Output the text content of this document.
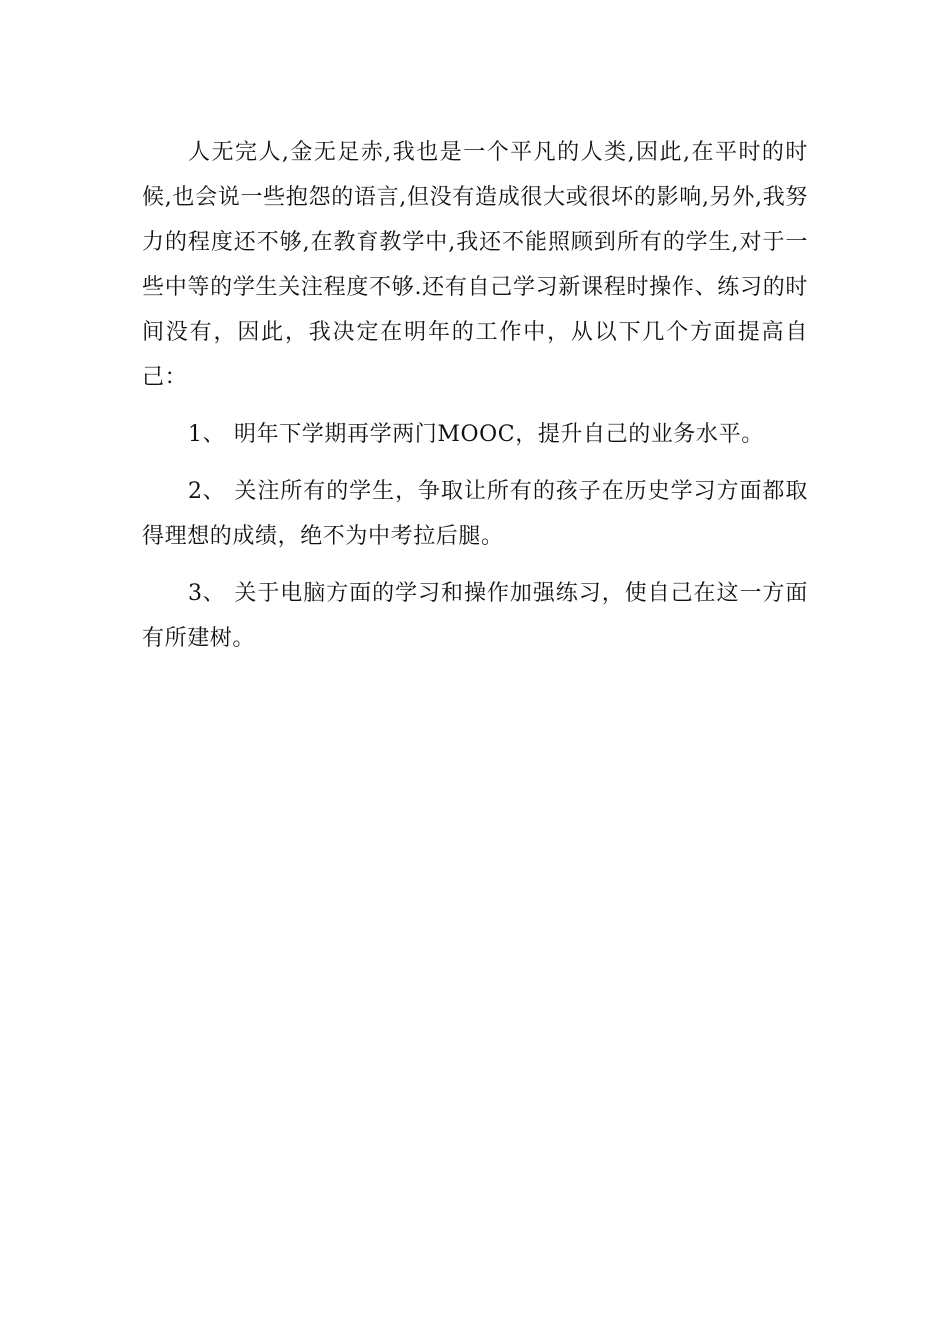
人无完人,金无足赤,我也是一个平凡的人类,因此,在平时的时候,也会说一些抱怨的语言,但没有造成很大或很坏的影响,另外,我努力的程度还不够,在教育教学中,我还不能照顾到所有的学生,对于一些中等的学生关注程度不够.还有自己学习新课程时操作、练习的时间没有，因此，我决定在明年的工作中，从以下几个方面提高自己：

1、 明年下学期再学两门MOOC，提升自己的业务水平。

2、 关注所有的学生，争取让所有的孩子在历史学习方面都取得理想的成绩，绝不为中考拉后腿。

3、 关于电脑方面的学习和操作加强练习，使自己在这一方面有所建树。
